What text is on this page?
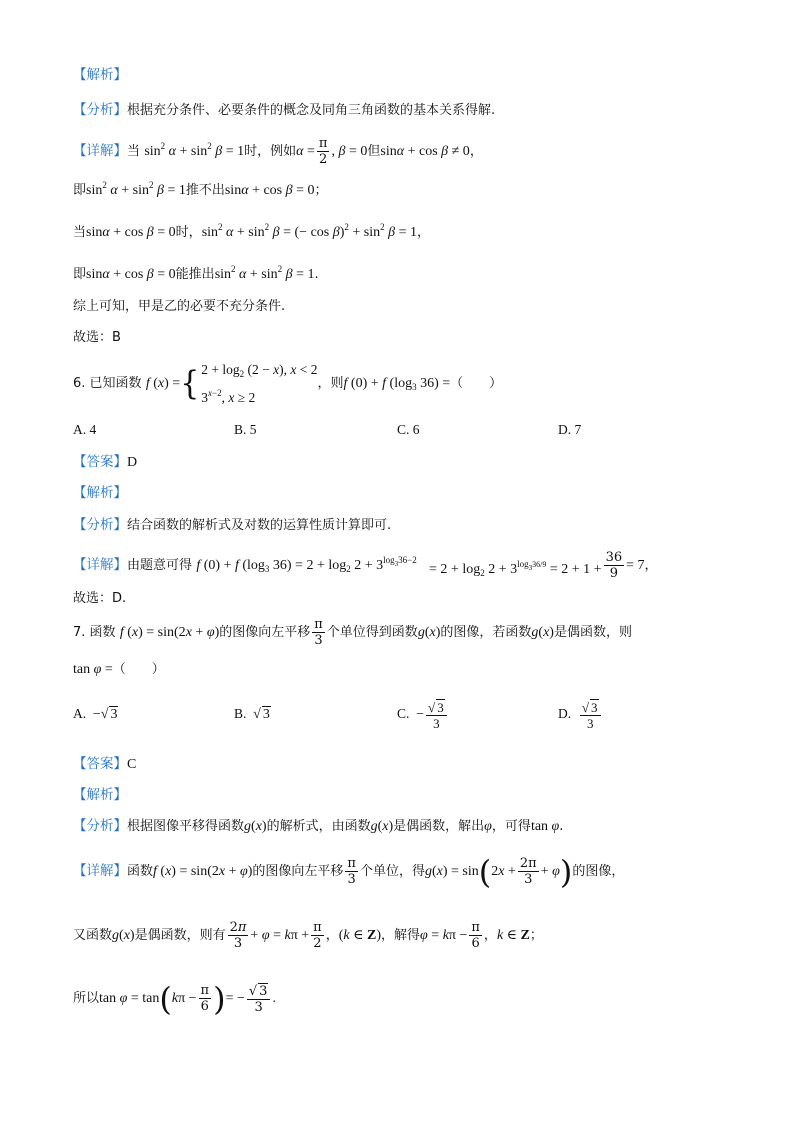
【解析】
【分析】根据充分条件、必要条件的概念及同角三角函数的基本关系得解.
【详解】当 $\sin^2 \alpha + \sin^2 \beta = 1$时，例如$\alpha = \frac{\pi}{2}$ , β = 0但sinα + cos β ≠ 0，
即$\sin^2 \alpha + \sin^2 \beta = 1$推不出sinα + cos β = 0；
当sinα + cos β = 0时，$\sin^2 \alpha + \sin^2 \beta$ = (− $\cos \beta)^2 + \sin^2 \beta = 1$，
即sinα + cos β = 0能推出$\sin^2 \alpha + \sin^2 \beta = 1$.
综上可知，甲是乙的必要不充分条件.
故选：B
6. 已知函数 f (x) ={ $2 + \log_2 (2 - x)$, x < 2
$3^{x-2}$, x ≥ 2
，则f (0) + f ($\log_3$ 36) =（　　）
A. 4	B. 5	C. 6	D. 7
【答案】D
【解析】
【分析】结合函数的解析式及对数的运算性质计算即可.
【详解】由题意可得 f (0) + f ($\log_3$ $36) = 2 + \log_2 2 + 3^{log_336-2} = 2 + \log_2 2 + 3^{log_336/9} = 2 + 1 + \frac{36}{9} = 7$，
故选：D.
7. 函数 f (x) = sin(2x + φ)的图像向左平移 $\frac{\pi}{3}$ 个单位得到函数g(x)的图像，若函数g(x)是偶函数，则
tan φ =（　　）
A. −√ 3	B. √ 3	C. − $\frac{√ 3}{3}$	D. $\frac{√ 3}{3}$
【答案】C
【解析】
【分析】根据图像平移得函数g(x)的解析式，由函数g(x)是偶函数，解出φ，可得tan φ.
【详解】函数f (x) = sin(2x + φ)的图像向左平移 $\frac{\pi}{3}$ 个单位，得$g(x) = \sin(2x + \frac{2\pi}{3} + \varphi)$的图像，
又函数g(x)是偶函数，则有 $\frac{2\pi}{3} + \varphi = k\pi + \frac{\pi}{2}$ ，(k ∈ Z)，解得$\varphi = k\pi - \frac{\pi}{6}$ ，k ∈ Z；
所以$\tan \varphi = \tan(k\pi - \frac{\pi}{6}$ )= − $\frac{√ 3}{3}$ .
